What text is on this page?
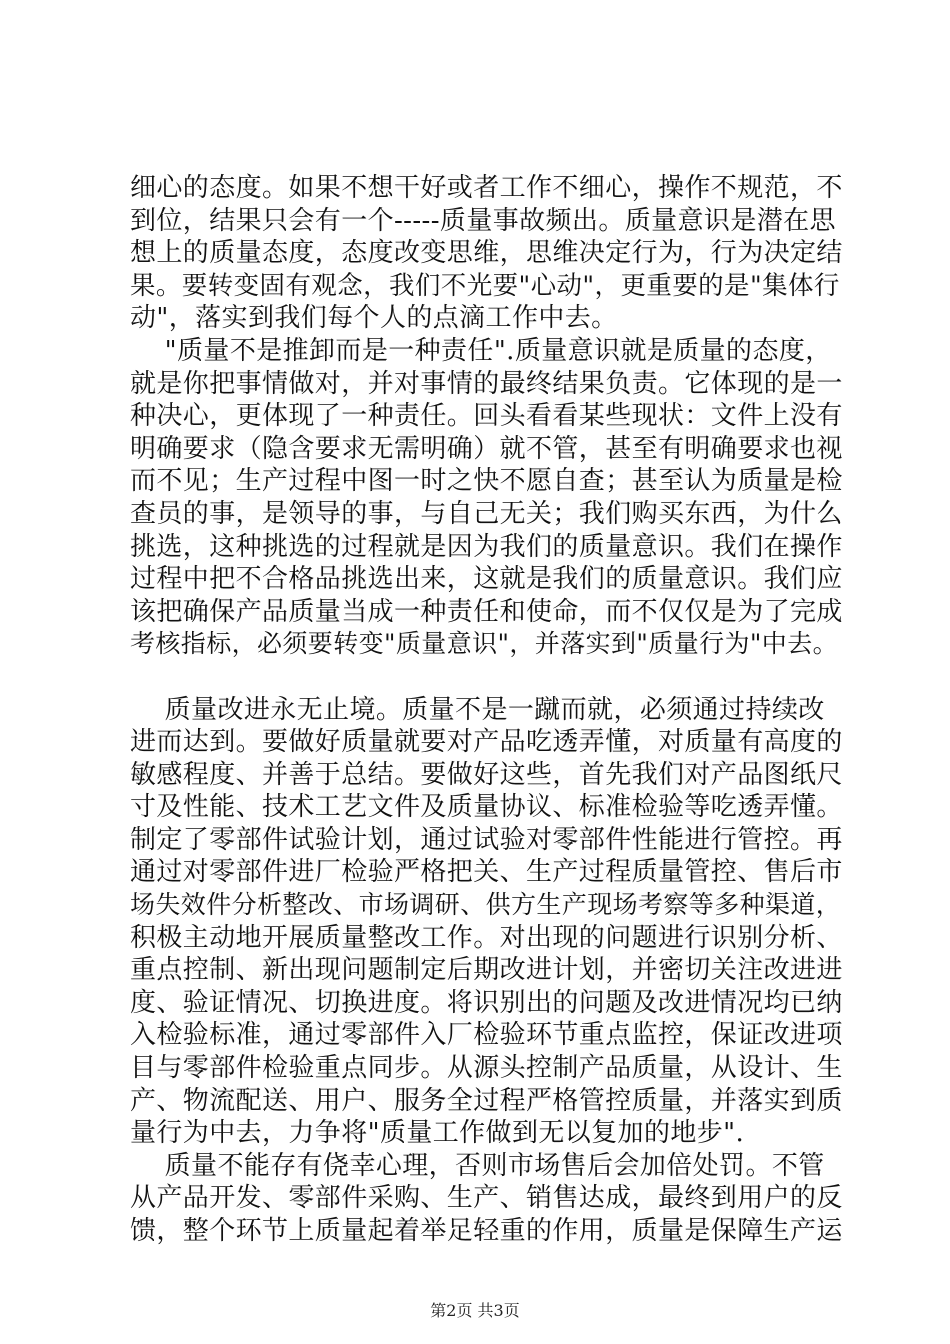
细心的态度。如果不想干好或者工作不细心，操作不规范，不
到位，结果只会有一个-----质量事故频出。质量意识是潜在思
想上的质量态度，态度改变思维，思维决定行为，行为决定结
果。要转变固有观念，我们不光要"心动"，更重要的是"集体行
动"，落实到我们每个人的点滴工作中去。
"质量不是推卸而是一种责任".质量意识就是质量的态度，
就是你把事情做对，并对事情的最终结果负责。它体现的是一
种决心，更体现了一种责任。回头看看某些现状：文件上没有
明确要求（隐含要求无需明确）就不管，甚至有明确要求也视
而不见；生产过程中图一时之快不愿自查；甚至认为质量是检
查员的事，是领导的事，与自己无关；我们购买东西，为什么
挑选，这种挑选的过程就是因为我们的质量意识。我们在操作
过程中把不合格品挑选出来，这就是我们的质量意识。我们应
该把确保产品质量当成一种责任和使命，而不仅仅是为了完成
考核指标，必须要转变"质量意识"，并落实到"质量行为"中去。
质量改进永无止境。质量不是一蹴而就，必须通过持续改
进而达到。要做好质量就要对产品吃透弄懂，对质量有高度的
敏感程度、并善于总结。要做好这些，首先我们对产品图纸尺
寸及性能、技术工艺文件及质量协议、标准检验等吃透弄懂。
制定了零部件试验计划，通过试验对零部件性能进行管控。再
通过对零部件进厂检验严格把关、生产过程质量管控、售后市
场失效件分析整改、市场调研、供方生产现场考察等多种渠道，
积极主动地开展质量整改工作。对出现的问题进行识别分析、
重点控制、新出现问题制定后期改进计划，并密切关注改进进
度、验证情况、切换进度。将识别出的问题及改进情况均已纳
入检验标准，通过零部件入厂检验环节重点监控，保证改进项
目与零部件检验重点同步。从源头控制产品质量，从设计、生
产、物流配送、用户、服务全过程严格管控质量，并落实到质
量行为中去，力争将"质量工作做到无以复加的地步".
质量不能存有侥幸心理，否则市场售后会加倍处罚。不管
从产品开发、零部件采购、生产、销售达成，最终到用户的反
馈，整个环节上质量起着举足轻重的作用，质量是保障生产运
第2页 共3页
